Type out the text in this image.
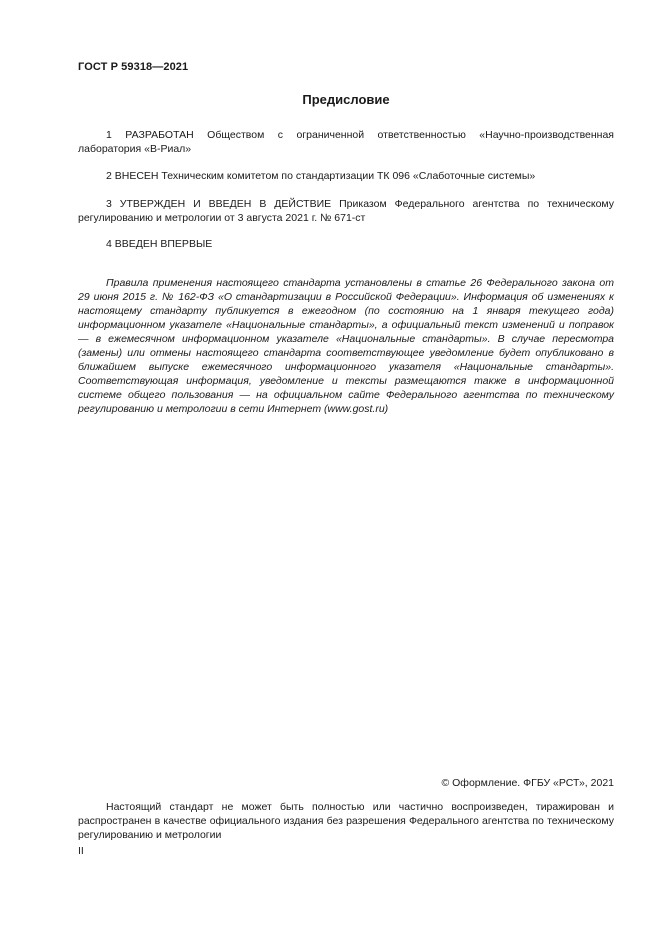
ГОСТ Р 59318—2021
Предисловие

1 РАЗРАБОТАН Обществом с ограниченной ответственностью «Научно-производственная лаборатория «В-Риал»

2 ВНЕСЕН Техническим комитетом по стандартизации ТК 096 «Слаботочные системы»

3 УТВЕРЖДЕН И ВВЕДЕН В ДЕЙСТВИЕ Приказом Федерального агентства по техническому регулированию и метрологии от 3 августа 2021 г. № 671-ст

4 ВВЕДЕН ВПЕРВЫЕ

Правила применения настоящего стандарта установлены в статье 26 Федерального закона от 29 июня 2015 г. № 162-ФЗ «О стандартизации в Российской Федерации». Информация об изменениях к настоящему стандарту публикуется в ежегодном (по состоянию на 1 января текущего года) информационном указателе «Национальные стандарты», а официальный текст изменений и поправок — в ежемесячном информационном указателе «Национальные стандарты». В случае пересмотра (замены) или отмены настоящего стандарта соответствующее уведомление будет опубликовано в ближайшем выпуске ежемесячного информационного указателя «Национальные стандарты». Соответствующая информация, уведомление и тексты размещаются также в информационной системе общего пользования — на официальном сайте Федерального агентства по техническому регулированию и метрологии в сети Интернет (www.gost.ru)

© Оформление. ФГБУ «РСТ», 2021

Настоящий стандарт не может быть полностью или частично воспроизведен, тиражирован и распространен в качестве официального издания без разрешения Федерального агентства по техническому регулированию и метрологии

II
